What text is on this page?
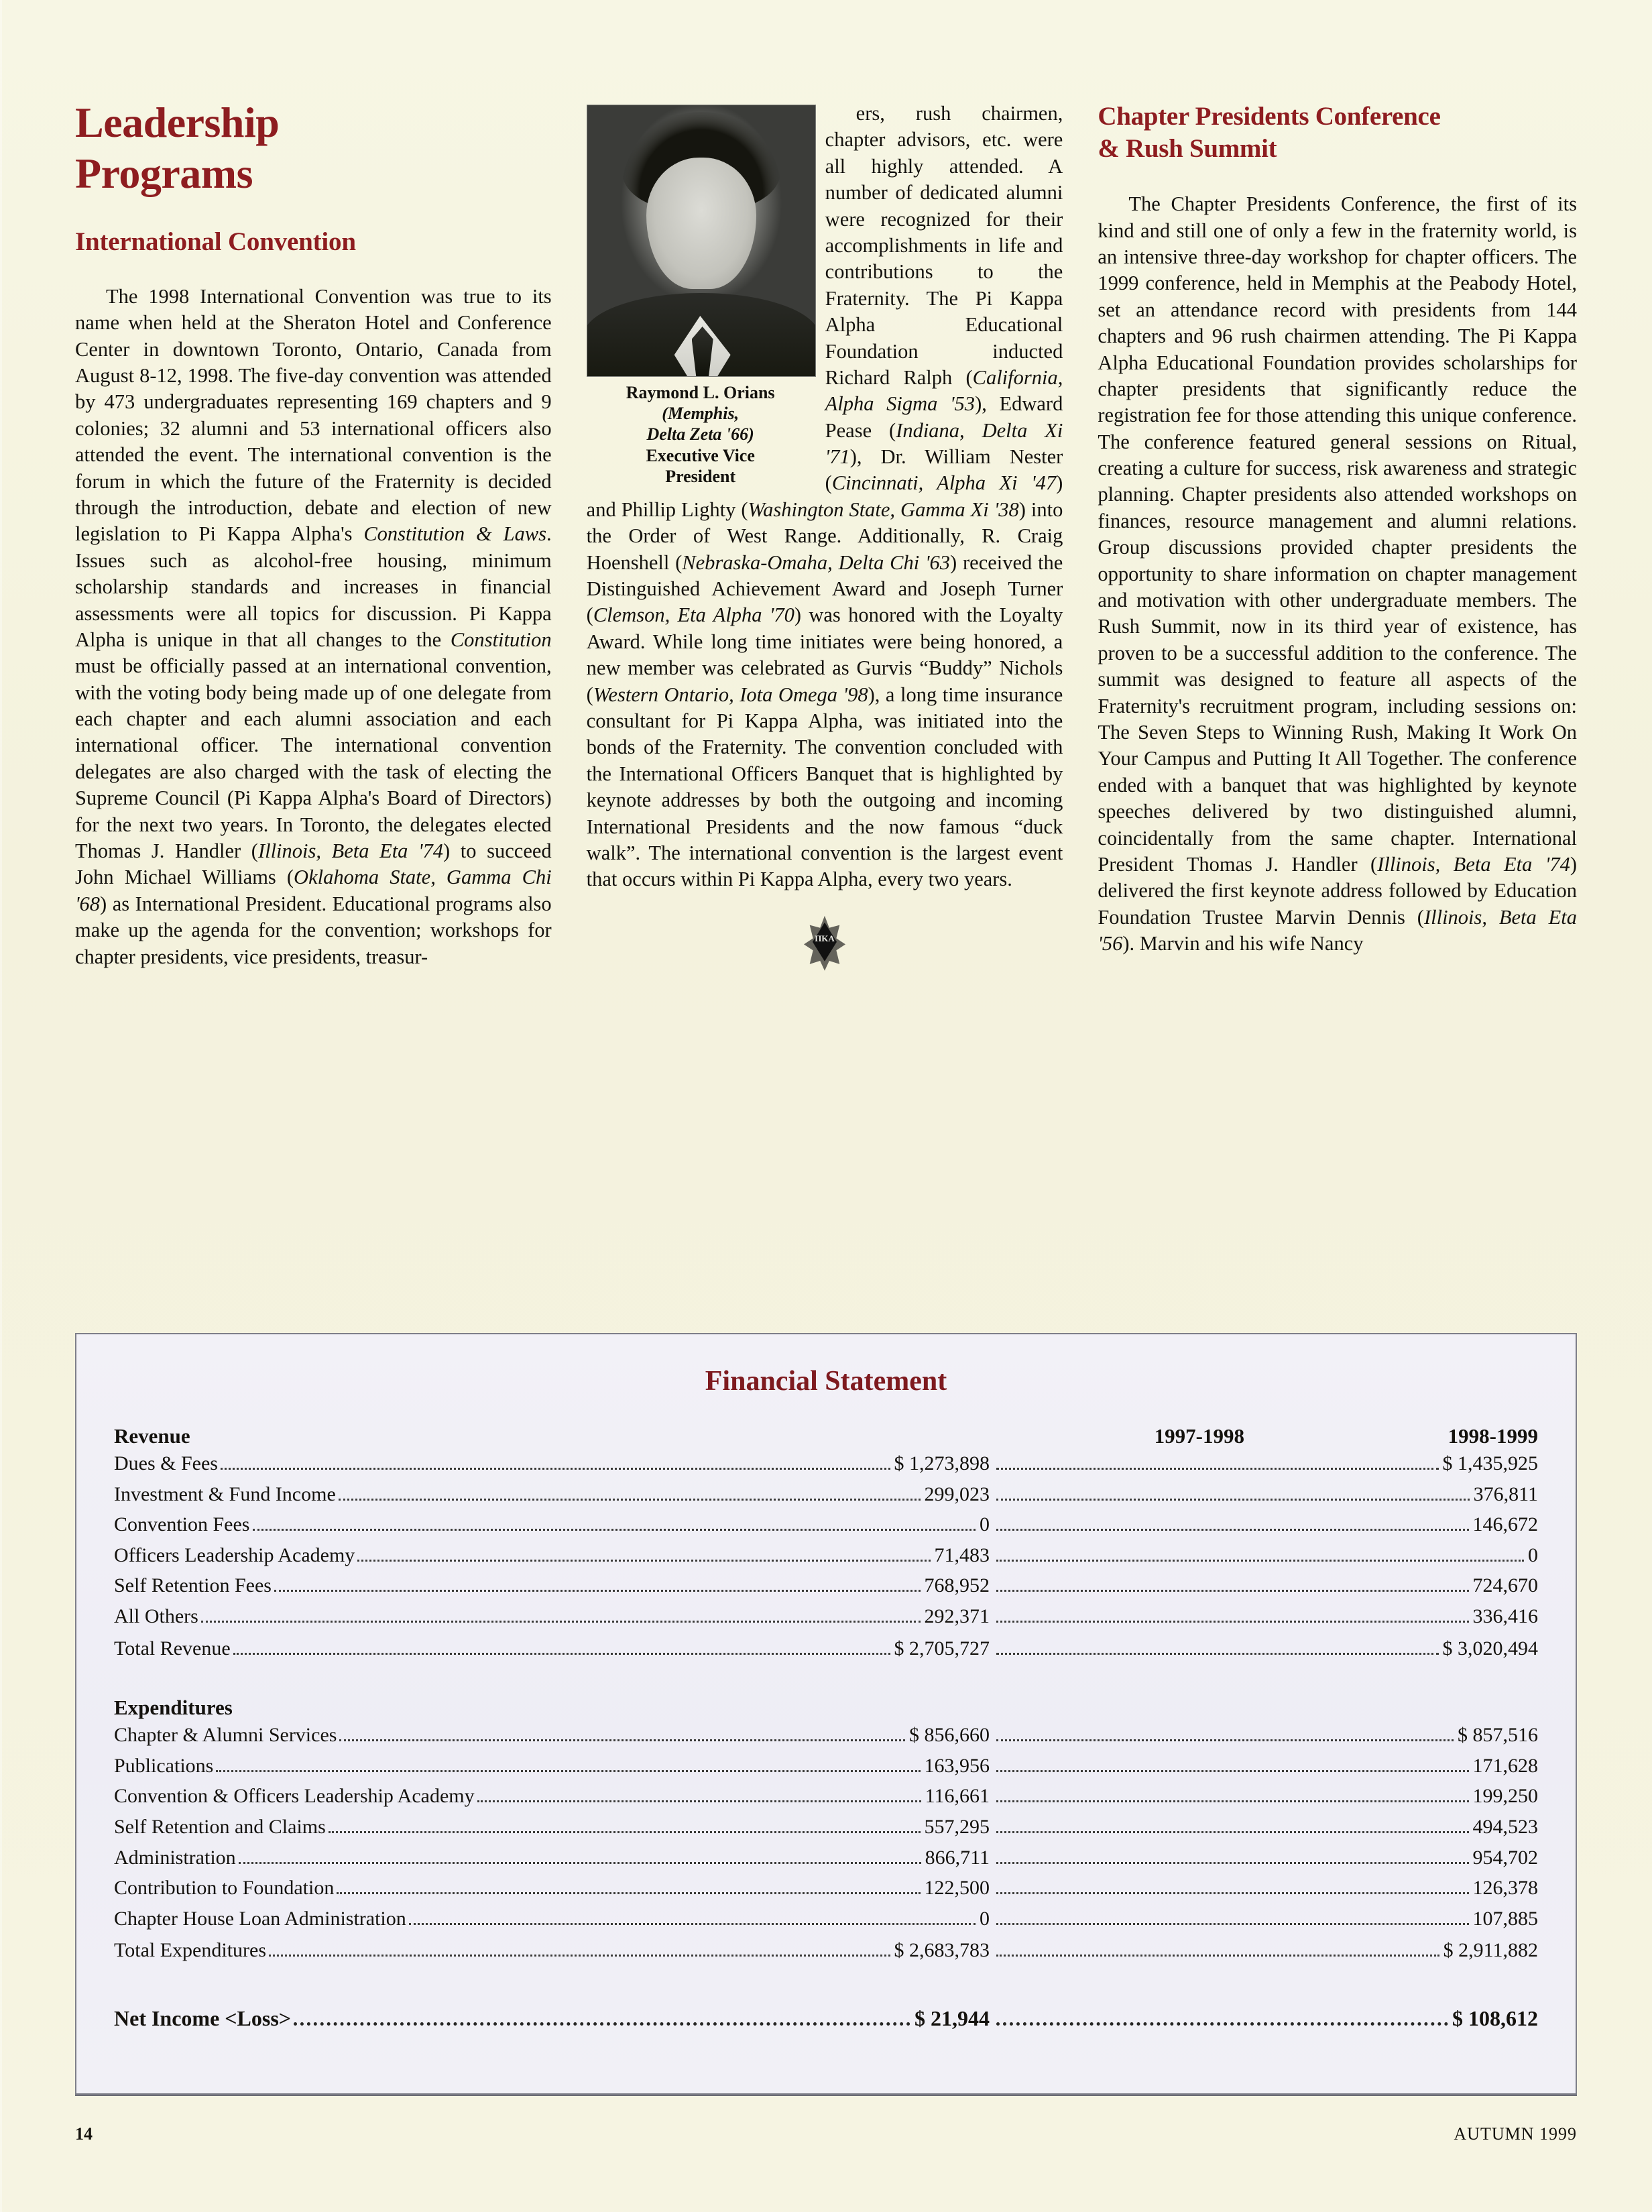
Leadership
Programs
International Convention

The 1998 International Convention was true to its name when held at the Sheraton Hotel and Conference Center in downtown Toronto, Ontario, Canada from August 8-12, 1998. The five-day convention was attended by 473 undergraduates representing 169 chapters and 9 colonies; 32 alumni and 53 international officers also attended the event. The international convention is the forum in which the future of the Fraternity is decided through the introduction, debate and election of new legislation to Pi Kappa Alpha's Constitution & Laws. Issues such as alcohol-free housing, minimum scholarship standards and increases in financial assessments were all topics for discussion. Pi Kappa Alpha is unique in that all changes to the Constitution must be officially passed at an international convention, with the voting body being made up of one delegate from each chapter and each alumni association and each international officer. The international convention delegates are also charged with the task of electing the Supreme Council (Pi Kappa Alpha's Board of Directors) for the next two years. In Toronto, the delegates elected Thomas J. Handler (Illinois, Beta Eta '74) to succeed John Michael Williams (Oklahoma State, Gamma Chi '68) as International President. Educational programs also make up the agenda for the convention; workshops for chapter presidents, vice presidents, treasur-

Raymond L. Orians
(Memphis,
Delta Zeta '66)
Executive Vice
President

ers, rush chairmen, chapter advisors, etc. were all highly attended. A number of dedicated alumni were recognized for their accomplishments in life and contributions to the Fraternity. The Pi Kappa Alpha Educational Foundation inducted Richard Ralph (California, Alpha Sigma '53), Edward Pease (Indiana, Delta Xi '71), Dr. William Nester (Cincinnati, Alpha Xi '47) and Phillip Lighty (Washington State, Gamma Xi '38) into the Order of West Range. Additionally, R. Craig Hoenshell (Nebraska-Omaha, Delta Chi '63) received the Distinguished Achievement Award and Joseph Turner (Clemson, Eta Alpha '70) was honored with the Loyalty Award. While long time initiates were being honored, a new member was celebrated as Gurvis “Buddy” Nichols (Western Ontario, Iota Omega '98), a long time insurance consultant for Pi Kappa Alpha, was initiated into the bonds of the Fraternity. The convention concluded with the International Officers Banquet that is highlighted by keynote addresses by both the outgoing and incoming International Presidents and the now famous “duck walk”. The international convention is the largest event that occurs within Pi Kappa Alpha, every two years.

ΠΚΑ
Chapter Presidents Conference
& Rush Summit

The Chapter Presidents Conference, the first of its kind and still one of only a few in the fraternity world, is an intensive three-day workshop for chapter officers. The 1999 conference, held in Memphis at the Peabody Hotel, set an attendance record with presidents from 144 chapters and 96 rush chairmen attending. The Pi Kappa Alpha Educational Foundation provides scholarships for chapter presidents that significantly reduce the registration fee for those attending this unique conference. The conference featured general sessions on Ritual, creating a culture for success, risk awareness and strategic planning. Chapter presidents also attended workshops on finances, resource management and alumni relations. Group discussions provided chapter presidents the opportunity to share information on chapter management and motivation with other undergraduate members. The Rush Summit, now in its third year of existence, has proven to be a successful addition to the conference. The summit was designed to feature all aspects of the Fraternity's recruitment program, including sessions on: The Seven Steps to Winning Rush, Making It Work On Your Campus and Putting It All Together. The conference ended with a banquet that was highlighted by keynote speeches delivered by two distinguished alumni, coincidentally from the same chapter. International President Thomas J. Handler (Illinois, Beta Eta '74) delivered the first keynote address followed by Education Foundation Trustee Marvin Dennis (Illinois, Beta Eta '56). Marvin and his wife Nancy

Financial Statement
Revenue	1997-1998	1998-1999
Dues & Fees	$ 1,273,898	$ 1,435,925
Investment & Fund Income	299,023	376,811
Convention Fees	0	146,672
Officers Leadership Academy	71,483	0
Self Retention Fees	768,952	724,670
All Others	292,371	336,416
Total Revenue	$ 2,705,727	$ 3,020,494
Expenditures
Chapter & Alumni Services	$ 856,660	$ 857,516
Publications	163,956	171,628
Convention & Officers Leadership Academy	116,661	199,250
Self Retention and Claims	557,295	494,523
Administration	866,711	954,702
Contribution to Foundation	122,500	126,378
Chapter House Loan Administration	0	107,885
Total Expenditures	$ 2,683,783	$ 2,911,882
Net Income <Loss>	$ 21,944	$ 108,612
14	AUTUMN 1999
